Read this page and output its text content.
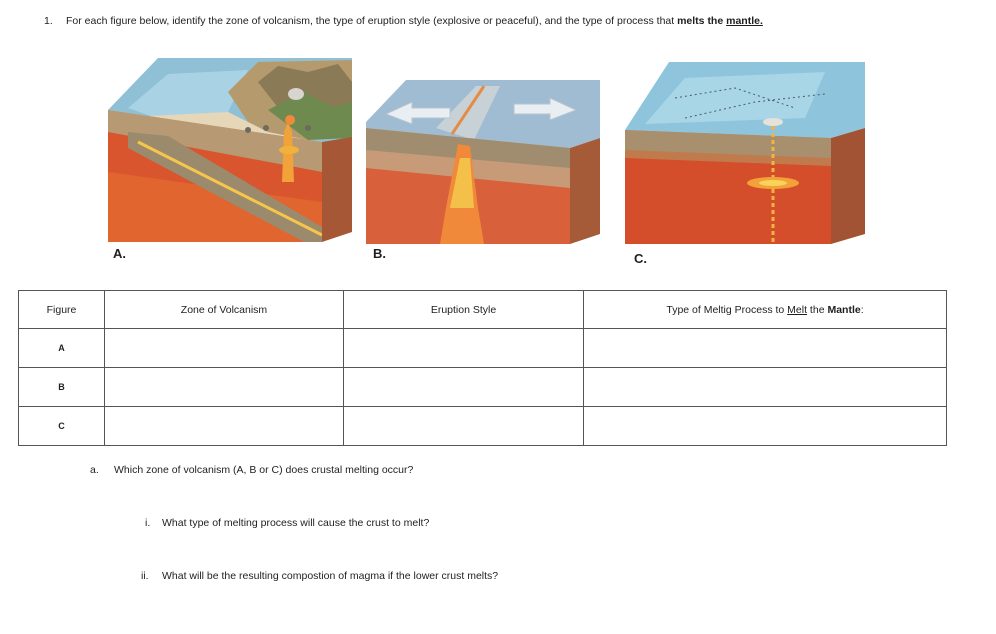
1. For each figure below, identify the zone of volcanism, the type of eruption style (explosive or peaceful), and the type of process that melts the mantle.
A.	B.	C.
Figure	Zone of Volcanism	Eruption Style	Type of Meltig Process to Melt the Mantle:
A			
B			
C			
a. Which zone of volcanism (A, B or C) does crustal melting occur?
i. What type of melting process will cause the crust to melt?
ii. What will be the resulting compostion of magma if the lower crust melts?
